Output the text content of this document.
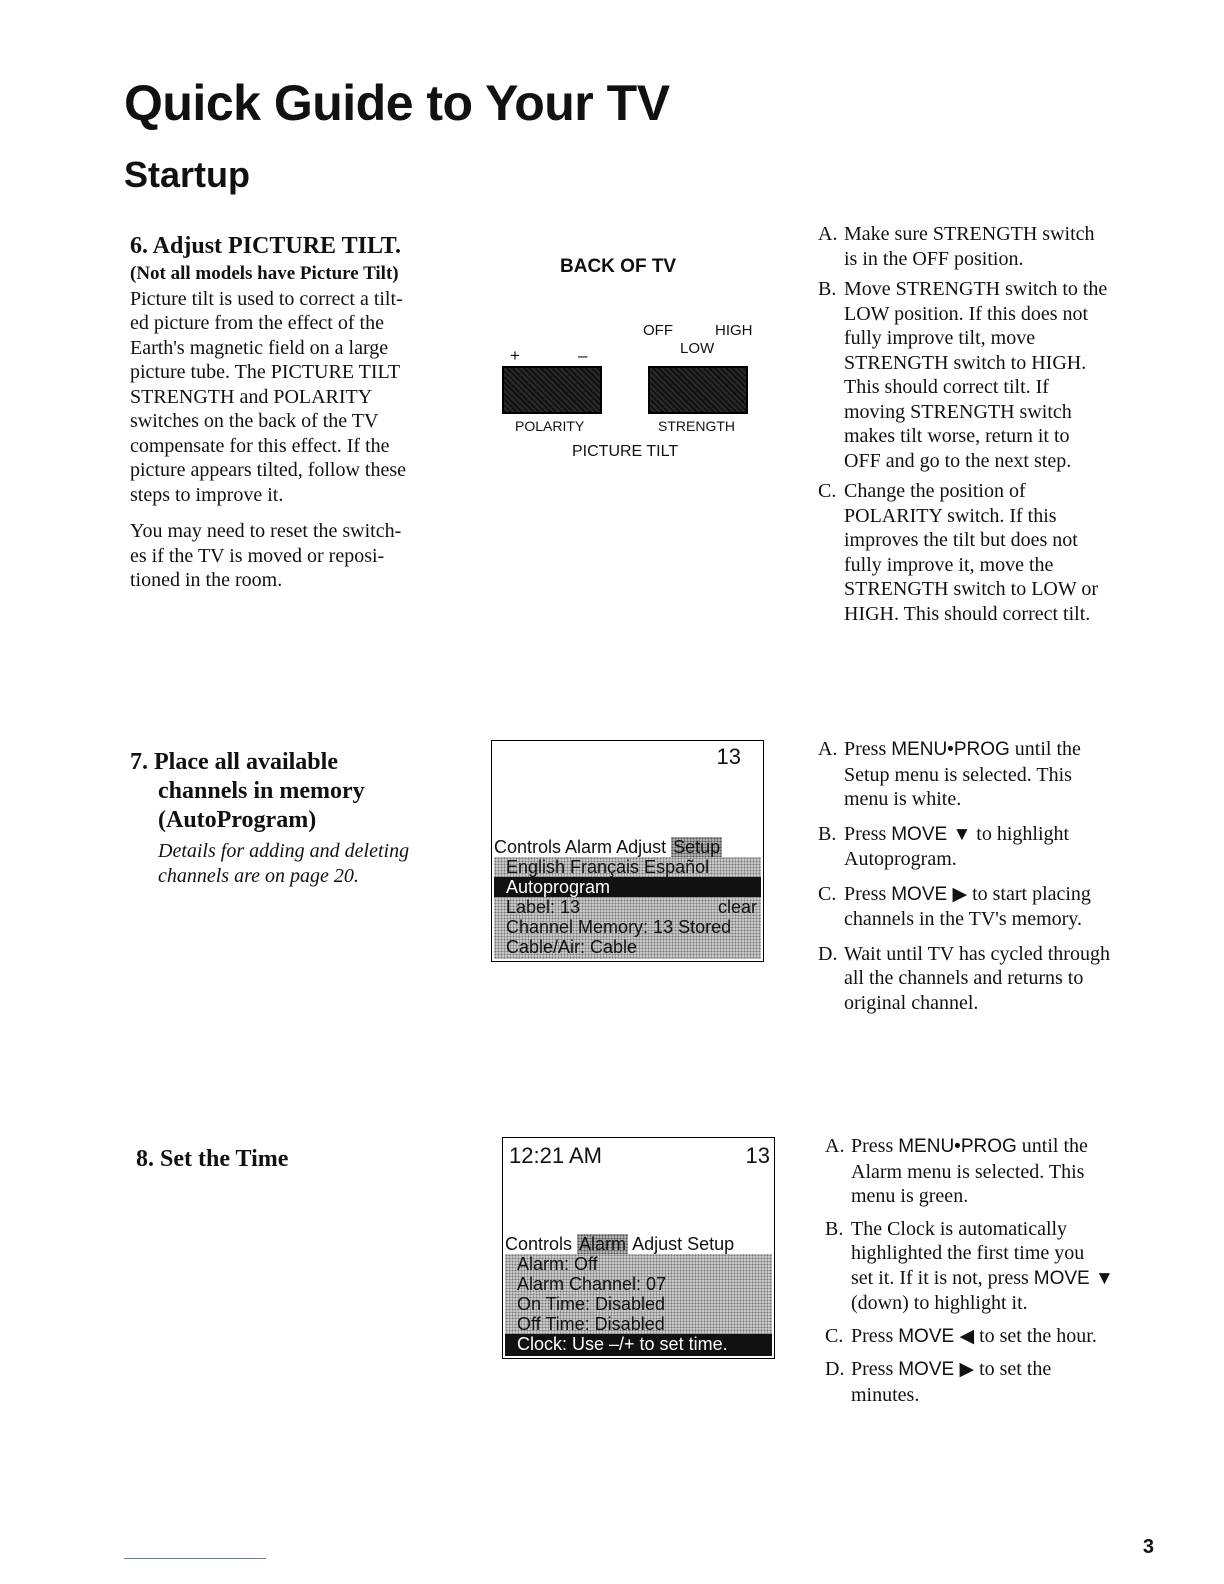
Quick Guide to Your TV
Startup
6. Adjust PICTURE TILT.
(Not all models have Picture Tilt)
Picture tilt is used to correct a tilt-
ed picture from the effect of the
Earth's magnetic field on a large
picture tube. The PICTURE TILT
STRENGTH and POLARITY
switches on the back of the TV
compensate for this effect. If the
picture appears tilted, follow these
steps to improve it.
You may need to reset the switch-
es if the TV is moved or reposi-
tioned in the room.
BACK OF TV
OFF	HIGH
LOW
+	–
POLARITY	STRENGTH
PICTURE TILT
A. Make sure STRENGTH switch
is in the OFF position.
B. Move STRENGTH switch to the
LOW position. If this does not
fully improve tilt, move
STRENGTH switch to HIGH.
This should correct tilt. If
moving STRENGTH switch
makes tilt worse, return it to
OFF and go to the next step.
C. Change the position of
POLARITY switch. If this
improves the tilt but does not
fully improve it, move the
STRENGTH switch to LOW or
HIGH. This should correct tilt.
7. Place all available
channels in memory
(AutoProgram)
Details for adding and deleting
channels are on page 20.
13
Controls Alarm Adjust Setup
English Français Español
Autoprogram
Label: 13	clear
Channel Memory: 13 Stored
Cable/Air: Cable
A. Press MENU•PROG until the
Setup menu is selected. This
menu is white.
B. Press MOVE ▼ to highlight
Autoprogram.
C. Press MOVE ▶ to start placing
channels in the TV's memory.
D. Wait until TV has cycled through
all the channels and returns to
original channel.
8. Set the Time	12:21 AM	13
Controls Alarm Adjust Setup
Alarm: Off
Alarm Channel: 07
On Time: Disabled
Off Time: Disabled
Clock: Use –/+ to set time.
A. Press MENU•PROG until the
Alarm menu is selected. This
menu is green.
B. The Clock is automatically
highlighted the first time you
set it. If it is not, press MOVE ▼
(down) to highlight it.
C. Press MOVE ◀ to set the hour.
D. Press MOVE ▶ to set the
minutes.
3
